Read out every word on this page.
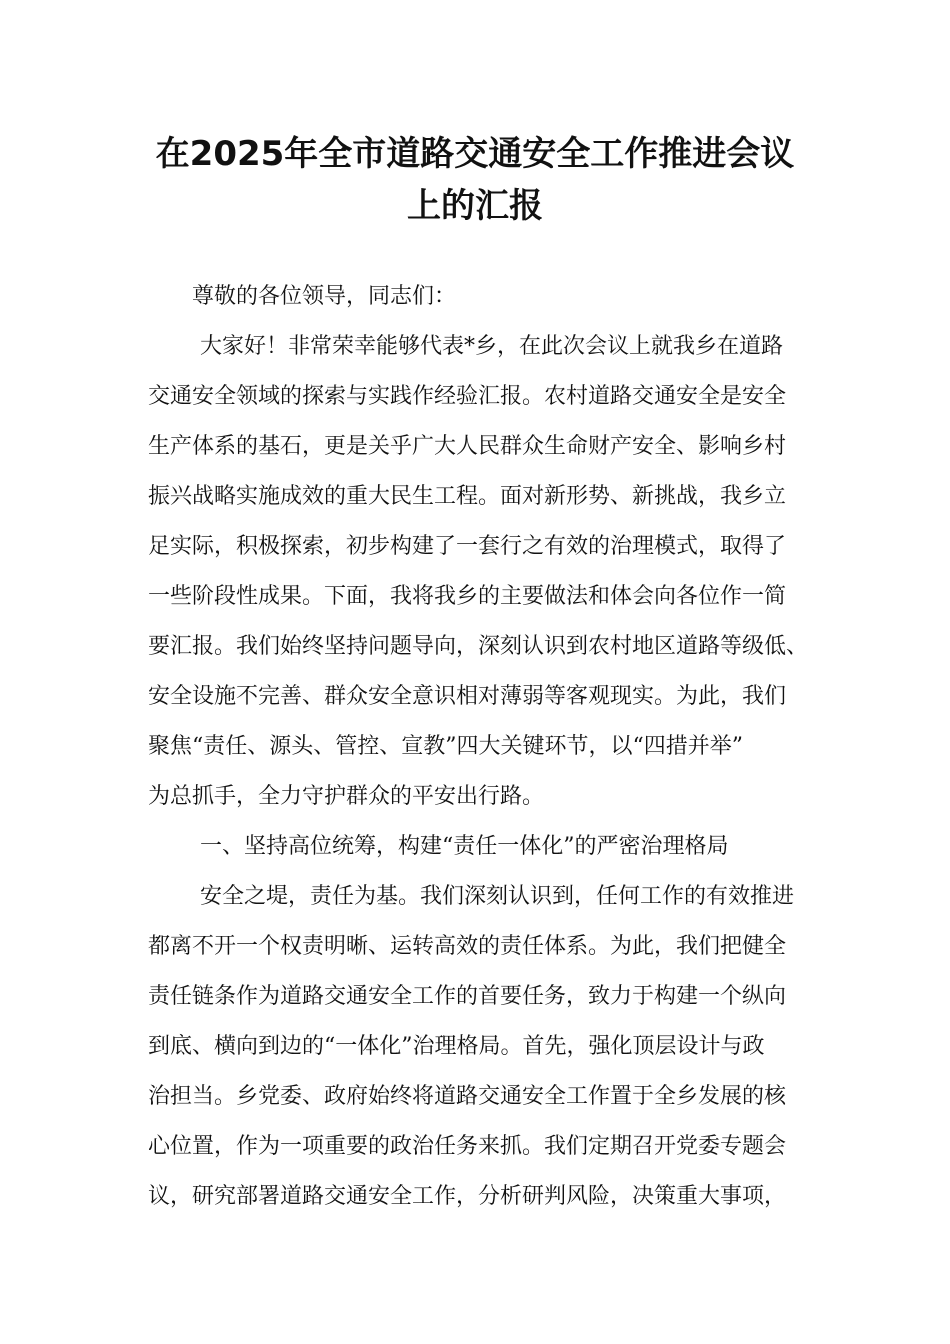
在2025年全市道路交通安全工作推进会议
上的汇报

尊敬的各位领导，同志们：

大家好！非常荣幸能够代表*乡，在此次会议上就我乡在道路

交通安全领域的探索与实践作经验汇报。农村道路交通安全是安全

生产体系的基石，更是关乎广大人民群众生命财产安全、影响乡村

振兴战略实施成效的重大民生工程。面对新形势、新挑战，我乡立

足实际，积极探索，初步构建了一套行之有效的治理模式，取得了

一些阶段性成果。下面，我将我乡的主要做法和体会向各位作一简

要汇报。我们始终坚持问题导向，深刻认识到农村地区道路等级低、

安全设施不完善、群众安全意识相对薄弱等客观现实。为此，我们

聚焦“责任、源头、管控、宣教”四大关键环节，以“四措并举”

为总抓手，全力守护群众的平安出行路。

一、坚持高位统筹，构建“责任一体化”的严密治理格局

安全之堤，责任为基。我们深刻认识到，任何工作的有效推进

都离不开一个权责明晰、运转高效的责任体系。为此，我们把健全

责任链条作为道路交通安全工作的首要任务，致力于构建一个纵向

到底、横向到边的“一体化”治理格局。首先，强化顶层设计与政

治担当。乡党委、政府始终将道路交通安全工作置于全乡发展的核

心位置，作为一项重要的政治任务来抓。我们定期召开党委专题会

议，研究部署道路交通安全工作，分析研判风险，决策重大事项，
